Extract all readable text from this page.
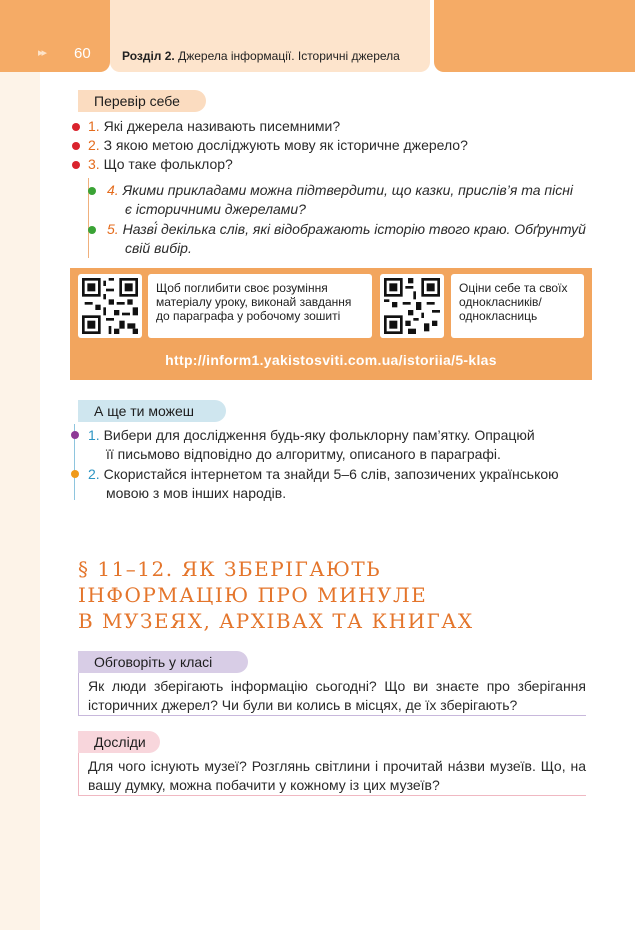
▸▸ 60	Розділ 2. Джерела інформації. Історичні джерела
Перевір себе
1. Які джерела називають писемними?
2. З якою метою досліджують мову як історичне джерело?
3. Що таке фольклор?
4. Якими прикладами можна підтвердити, що казки, прислів’я та пісні
є історичними джерелами?
5. Назві́ декілька слів, які відображають історію твого краю. Обґрунтуй
свій вибір.
Щоб поглибити своє розуміння матеріалу уроку, виконай завдання до параграфа у робочому зошиті
Оціни себе та своїх однокласників/ однокласниць
http://inform1.yakistosviti.com.ua/istoriia/5-klas
А ще ти можеш
1. Вибери для дослідження будь-яку фольклорну пам’ятку. Опрацюй
її письмово відповідно до алгоритму, описаного в параграфі.
2. Скористайся інтернетом та знайди 5–6 слів, запозичених українською
мовою з мов інших народів.
§ 11–12. ЯК ЗБЕРІГАЮТЬ
ІНФОРМАЦІЮ ПРО МИНУЛЕ
В МУЗЕЯХ, АРХІВАХ ТА КНИГАХ
Обговоріть у класі
Як люди зберігають інформацію сьогодні? Що ви знаєте про зберігання історичних джерел? Чи були ви колись в місцях, де їх зберігають?
Досліди
Для чого існують музеї? Розглянь світлини і прочитай на́зви музеїв. Що, на вашу думку, можна побачити у кожному із цих музеїв?
